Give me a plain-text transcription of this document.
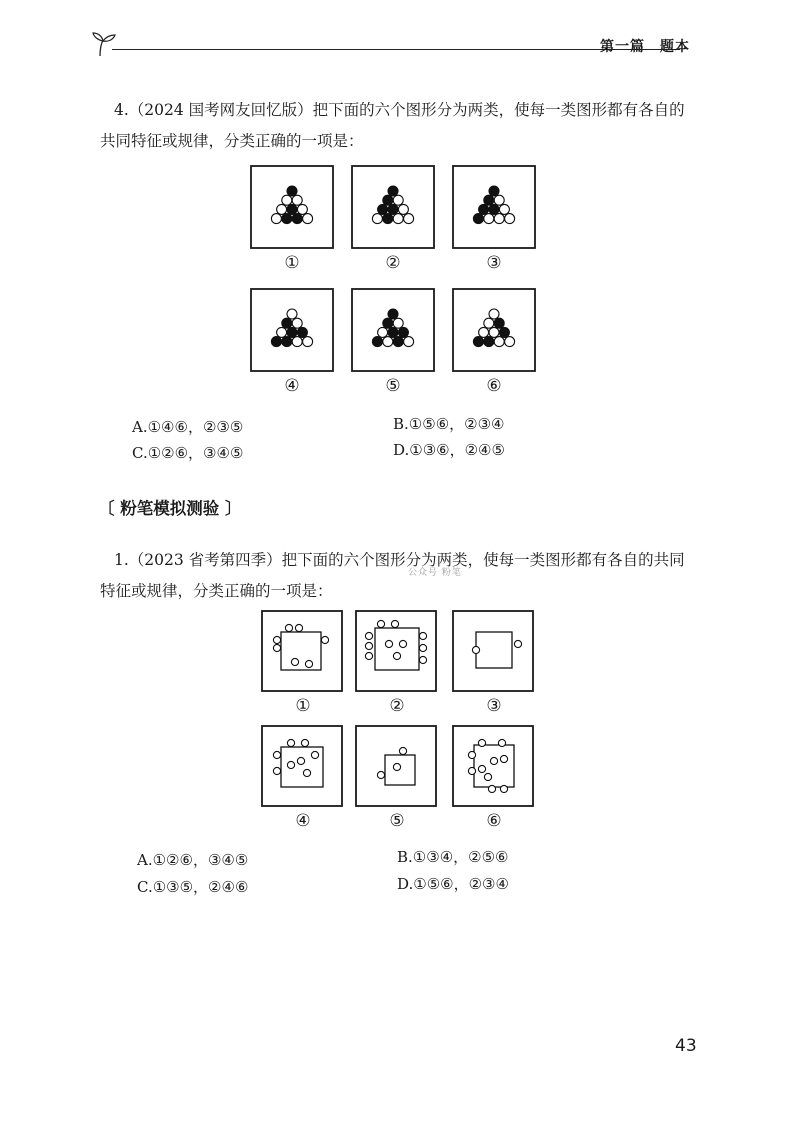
第一篇　题本
4.（2024 国考网友回忆版）把下面的六个图形分为两类，使每一类图形都有各自的共同特征或规律，分类正确的一项是：
①	②	③
④	⑤	⑥
A.①④⑥，②③⑤	B.①⑤⑥，②③④
C.①②⑥，③④⑤	D.①③⑥，②④⑤
〔 粉笔模拟测验 〕
1.（2023 省考第四季）把下面的六个图形分为两类，使每一类图形都有各自的共同特征或规律，分类正确的一项是：
公众号 粉笔
①	②	③
④	⑤	⑥
A.①②⑥，③④⑤	B.①③④，②⑤⑥
C.①③⑤，②④⑥	D.①⑤⑥，②③④
43
